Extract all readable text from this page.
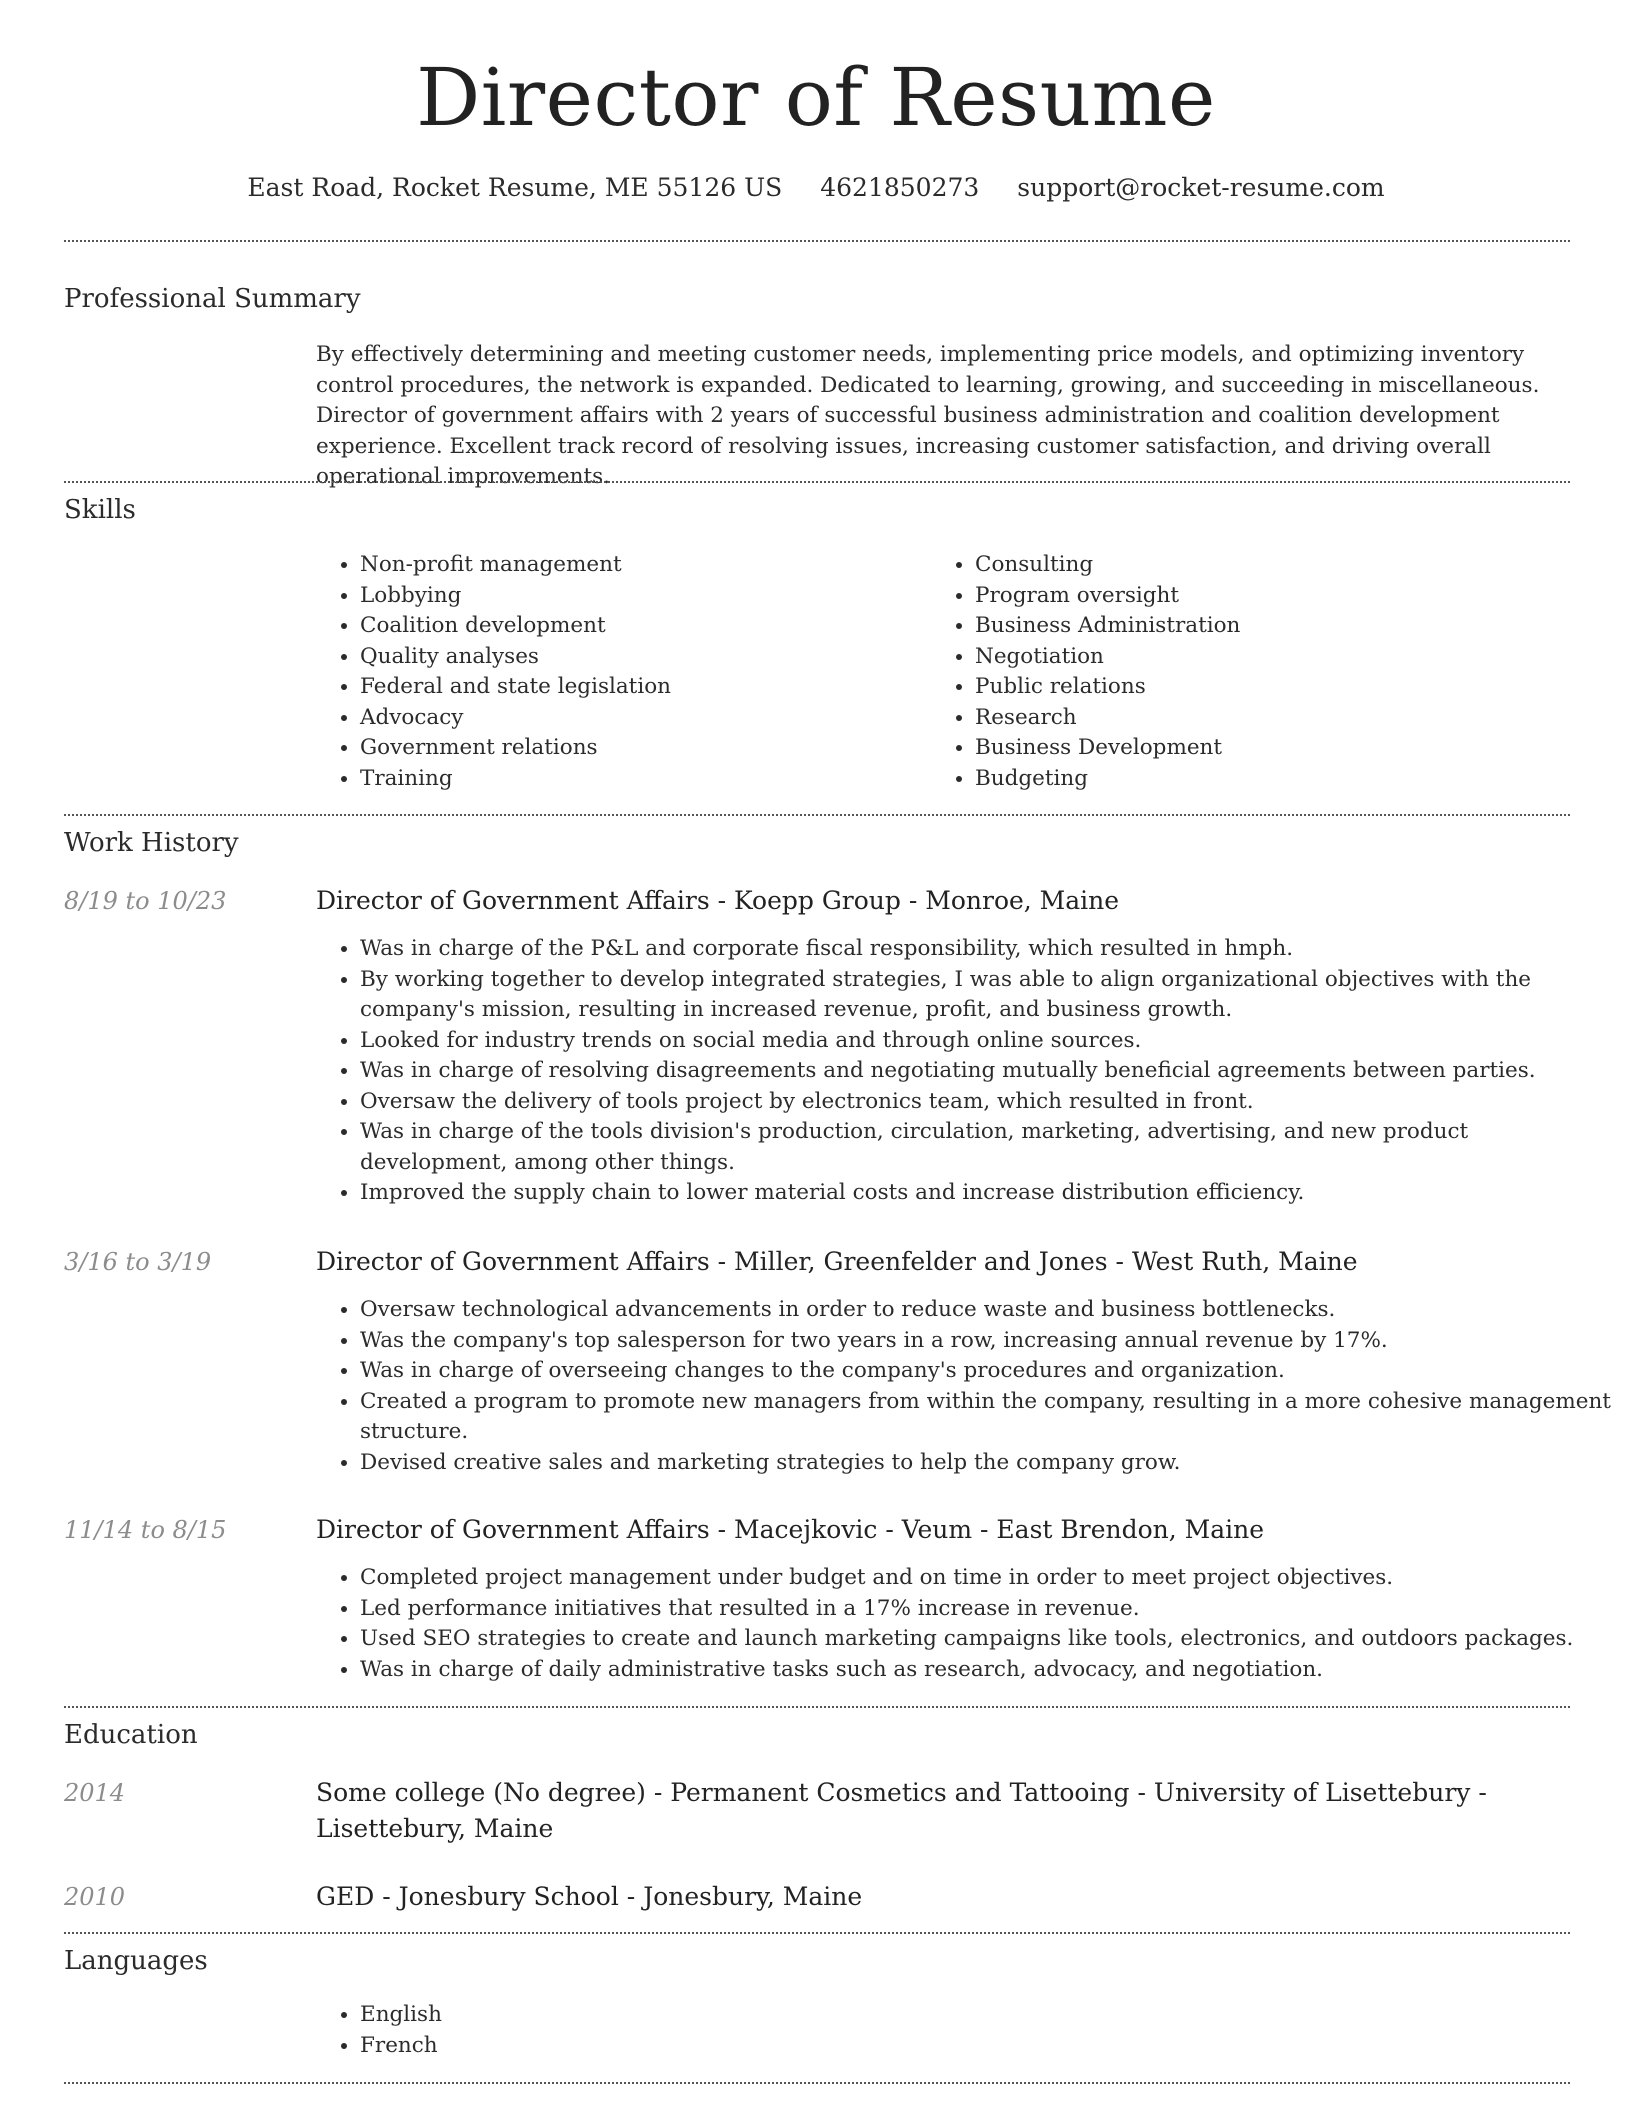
Director of Resume
East Road, Rocket Resume, ME 55126 US 4621850273 support@rocket-resume.com
Professional Summary

By effectively determining and meeting customer needs, implementing price models, and optimizing inventory control procedures, the network is expanded. Dedicated to learning, growing, and succeeding in miscellaneous. Director of government affairs with 2 years of successful business administration and coalition development experience. Excellent track record of resolving issues, increasing customer satisfaction, and driving overall operational improvements.

Skills
• Non-profit management
• Lobbying
• Coalition development
• Quality analyses
• Federal and state legislation
• Advocacy
• Government relations
• Training
• Consulting
• Program oversight
• Business Administration
• Negotiation
• Public relations
• Research
• Business Development
• Budgeting
Work History
8/19 to 10/23	Director of Government Affairs - Koepp Group - Monroe, Maine
• Was in charge of the P&L and corporate fiscal responsibility, which resulted in hmph.
• By working together to develop integrated strategies, I was able to align organizational objectives with the company's mission, resulting in increased revenue, profit, and business growth.
• Looked for industry trends on social media and through online sources.
• Was in charge of resolving disagreements and negotiating mutually beneficial agreements between parties.
• Oversaw the delivery of tools project by electronics team, which resulted in front.
• Was in charge of the tools division's production, circulation, marketing, advertising, and new product development, among other things.
• Improved the supply chain to lower material costs and increase distribution efficiency.
3/16 to 3/19	Director of Government Affairs - Miller, Greenfelder and Jones - West Ruth, Maine
• Oversaw technological advancements in order to reduce waste and business bottlenecks.
• Was the company's top salesperson for two years in a row, increasing annual revenue by 17%.
• Was in charge of overseeing changes to the company's procedures and organization.
• Created a program to promote new managers from within the company, resulting in a more cohesive management structure.
• Devised creative sales and marketing strategies to help the company grow.
11/14 to 8/15	Director of Government Affairs - Macejkovic - Veum - East Brendon, Maine
• Completed project management under budget and on time in order to meet project objectives.
• Led performance initiatives that resulted in a 17% increase in revenue.
• Used SEO strategies to create and launch marketing campaigns like tools, electronics, and outdoors packages.
• Was in charge of daily administrative tasks such as research, advocacy, and negotiation.
Education
2014	Some college (No degree) - Permanent Cosmetics and Tattooing - University of Lisettebury - Lisettebury, Maine
2010	GED - Jonesbury School - Jonesbury, Maine
Languages
• English
• French
